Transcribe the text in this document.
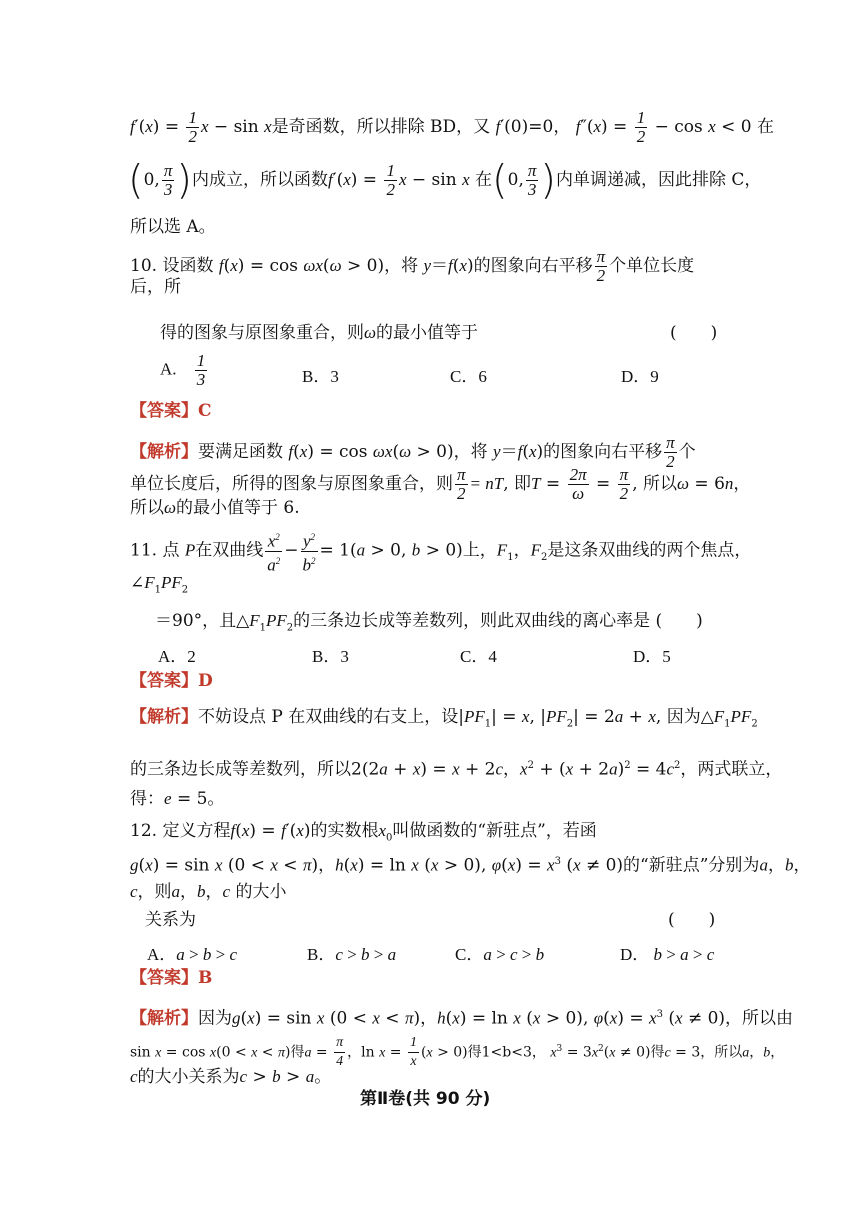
$f'(x) = \frac{1}{2}$ x − sin x是奇函数，所以排除 BD，又 f′(0)=0， $f''(x) = \frac{1}{2} - \cos x < 0$ 在
(0, $\frac{\pi}{3}$ )内成立，所以函数$f'(x) = \frac{1}{2}$ x − sin x 在(0, $\frac{\pi}{3}$ )内单调递减，因此排除 C，
所以选 A。
10. 设函数 f(x) = cos ωx(ω > 0)，将 y＝f(x)的图象向右平移 $\frac{\pi}{2}$ 个单位长度
后，所
得的图象与原图象重合，则ω的最小值等于	(　　)
A. $\frac{1}{3}$	B．3	C．6	D．9
【答案】C
【解析】要满足函数 f(x) = cos ωx(ω > 0)，将 y＝f(x)的图象向右平移 $\frac{\pi}{2}$ 个
单位长度后，所得的图象与原图象重合，则 $\frac{\pi}{2}$ = nT, 即$T = \frac{2\pi}{\omega} = \frac{\pi}{2}$ , 所以ω = 6n，
所以ω的最小值等于 6.
11. 点 P在双曲线 $\frac{x^2}{a^2} - \frac{y^2}{b^2} = 1(a > 0$, b > 0)上，$F_1$，$F_2$是这条双曲线的两个焦点，
$\angle F_1PF_2$
＝90°，且$\triangle F_1PF_2$的三条边长成等差数列，则此双曲线的离心率是 (　　)
A．2	B．3	C．4	D．5
【答案】D
【解析】不妨设点 P 在双曲线的右支上，设$|PF_1| = x$, $|PF_2| = 2a + x$, 因为$\triangle F_1PF_2$
的三条边长成等差数列，所以2(2a + x) = x + 2c，$x^2 + (x + 2a)^2 = 4c^2$，两式联立，
得：e = 5。
12. 定义方程f(x) = f′(x)的实数根$x_0$叫做函数的“新驻点”，若函
g(x) = sin x (0 < x < π)，h(x) = ln x (x > 0), $\varphi(x) = x^3$ (x ≠ 0)的“新驻点”分别为a，b，
c，则a，b，c 的大小
关系为	(　　)
A．a > b > c	B．c > b > a	C．a > c > b	D． b > a > c
【答案】B
【解析】因为g(x) = sin x (0 < x < π)，h(x) = ln x (x > 0), $\varphi(x) = x^3$ (x ≠ 0)，所以由
sin x = cos x(0 < x < π)得$a = \frac{\pi}{4}$ ，$\ln x = \frac{1}{x} (x > 0)$得1<b<3， $x^3 = 3x^2(x \ne 0)$得c = 3，所以a，b，
c的大小关系为c > b > a。
第Ⅱ卷(共 90 分)
